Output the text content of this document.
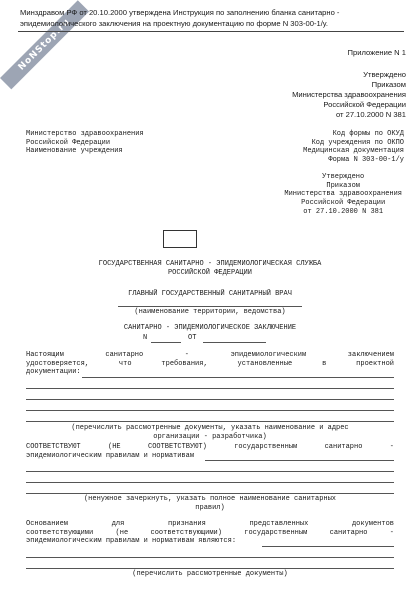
NoNStop.ru
Минздравом РФ от 20.10.2000 утверждена Инструкция по заполнению бланка санитарно - эпидемиологического заключения на проектную документацию по форме N 303-00-1/у.
Приложение N 1
Утверждено
Приказом
Министерства здравоохранения
Российской Федерации
от 27.10.2000 N 381
Министерство здравоохранения
Российской Федерации
Наименование учреждения
Код формы по ОКУД
Код учреждения по ОКПО
Медицинская документация
Форма N 303-00-1/у
Утверждено
Приказом
Министерства здравоохранения
Российской Федерации
от 27.10.2000 N 381
ГОСУДАРСТВЕННАЯ САНИТАРНО - ЭПИДЕМИОЛОГИЧЕСКАЯ СЛУЖБА
РОССИЙСКОЙ ФЕДЕРАЦИИ
ГЛАВНЫЙ ГОСУДАРСТВЕННЫЙ САНИТАРНЫЙ ВРАЧ
(наименование территории, ведомства)
САНИТАРНО - ЭПИДЕМИОЛОГИЧЕСКОЕ ЗАКЛЮЧЕНИЕ
N	ОТ
Настоящим санитарно - эпидемиологическим заключением
удостоверяется, что требования, установленные в проектной
документации:
(перечислить рассмотренные документы, указать наименование и адрес
организации - разработчика)
СООТВЕТСТВУЮТ (НЕ СООТВЕТСТВУЮТ) государственным санитарно -
эпидемиологическим правилам и нормативам
(ненужное зачеркнуть, указать полное наименование санитарных
правил)
Основанием для признания представленных документов
соответствующими (не соответствующими) государственным санитарно -
эпидемиологическим правилам и нормативам являются:
(перечислить рассмотренные документы)
